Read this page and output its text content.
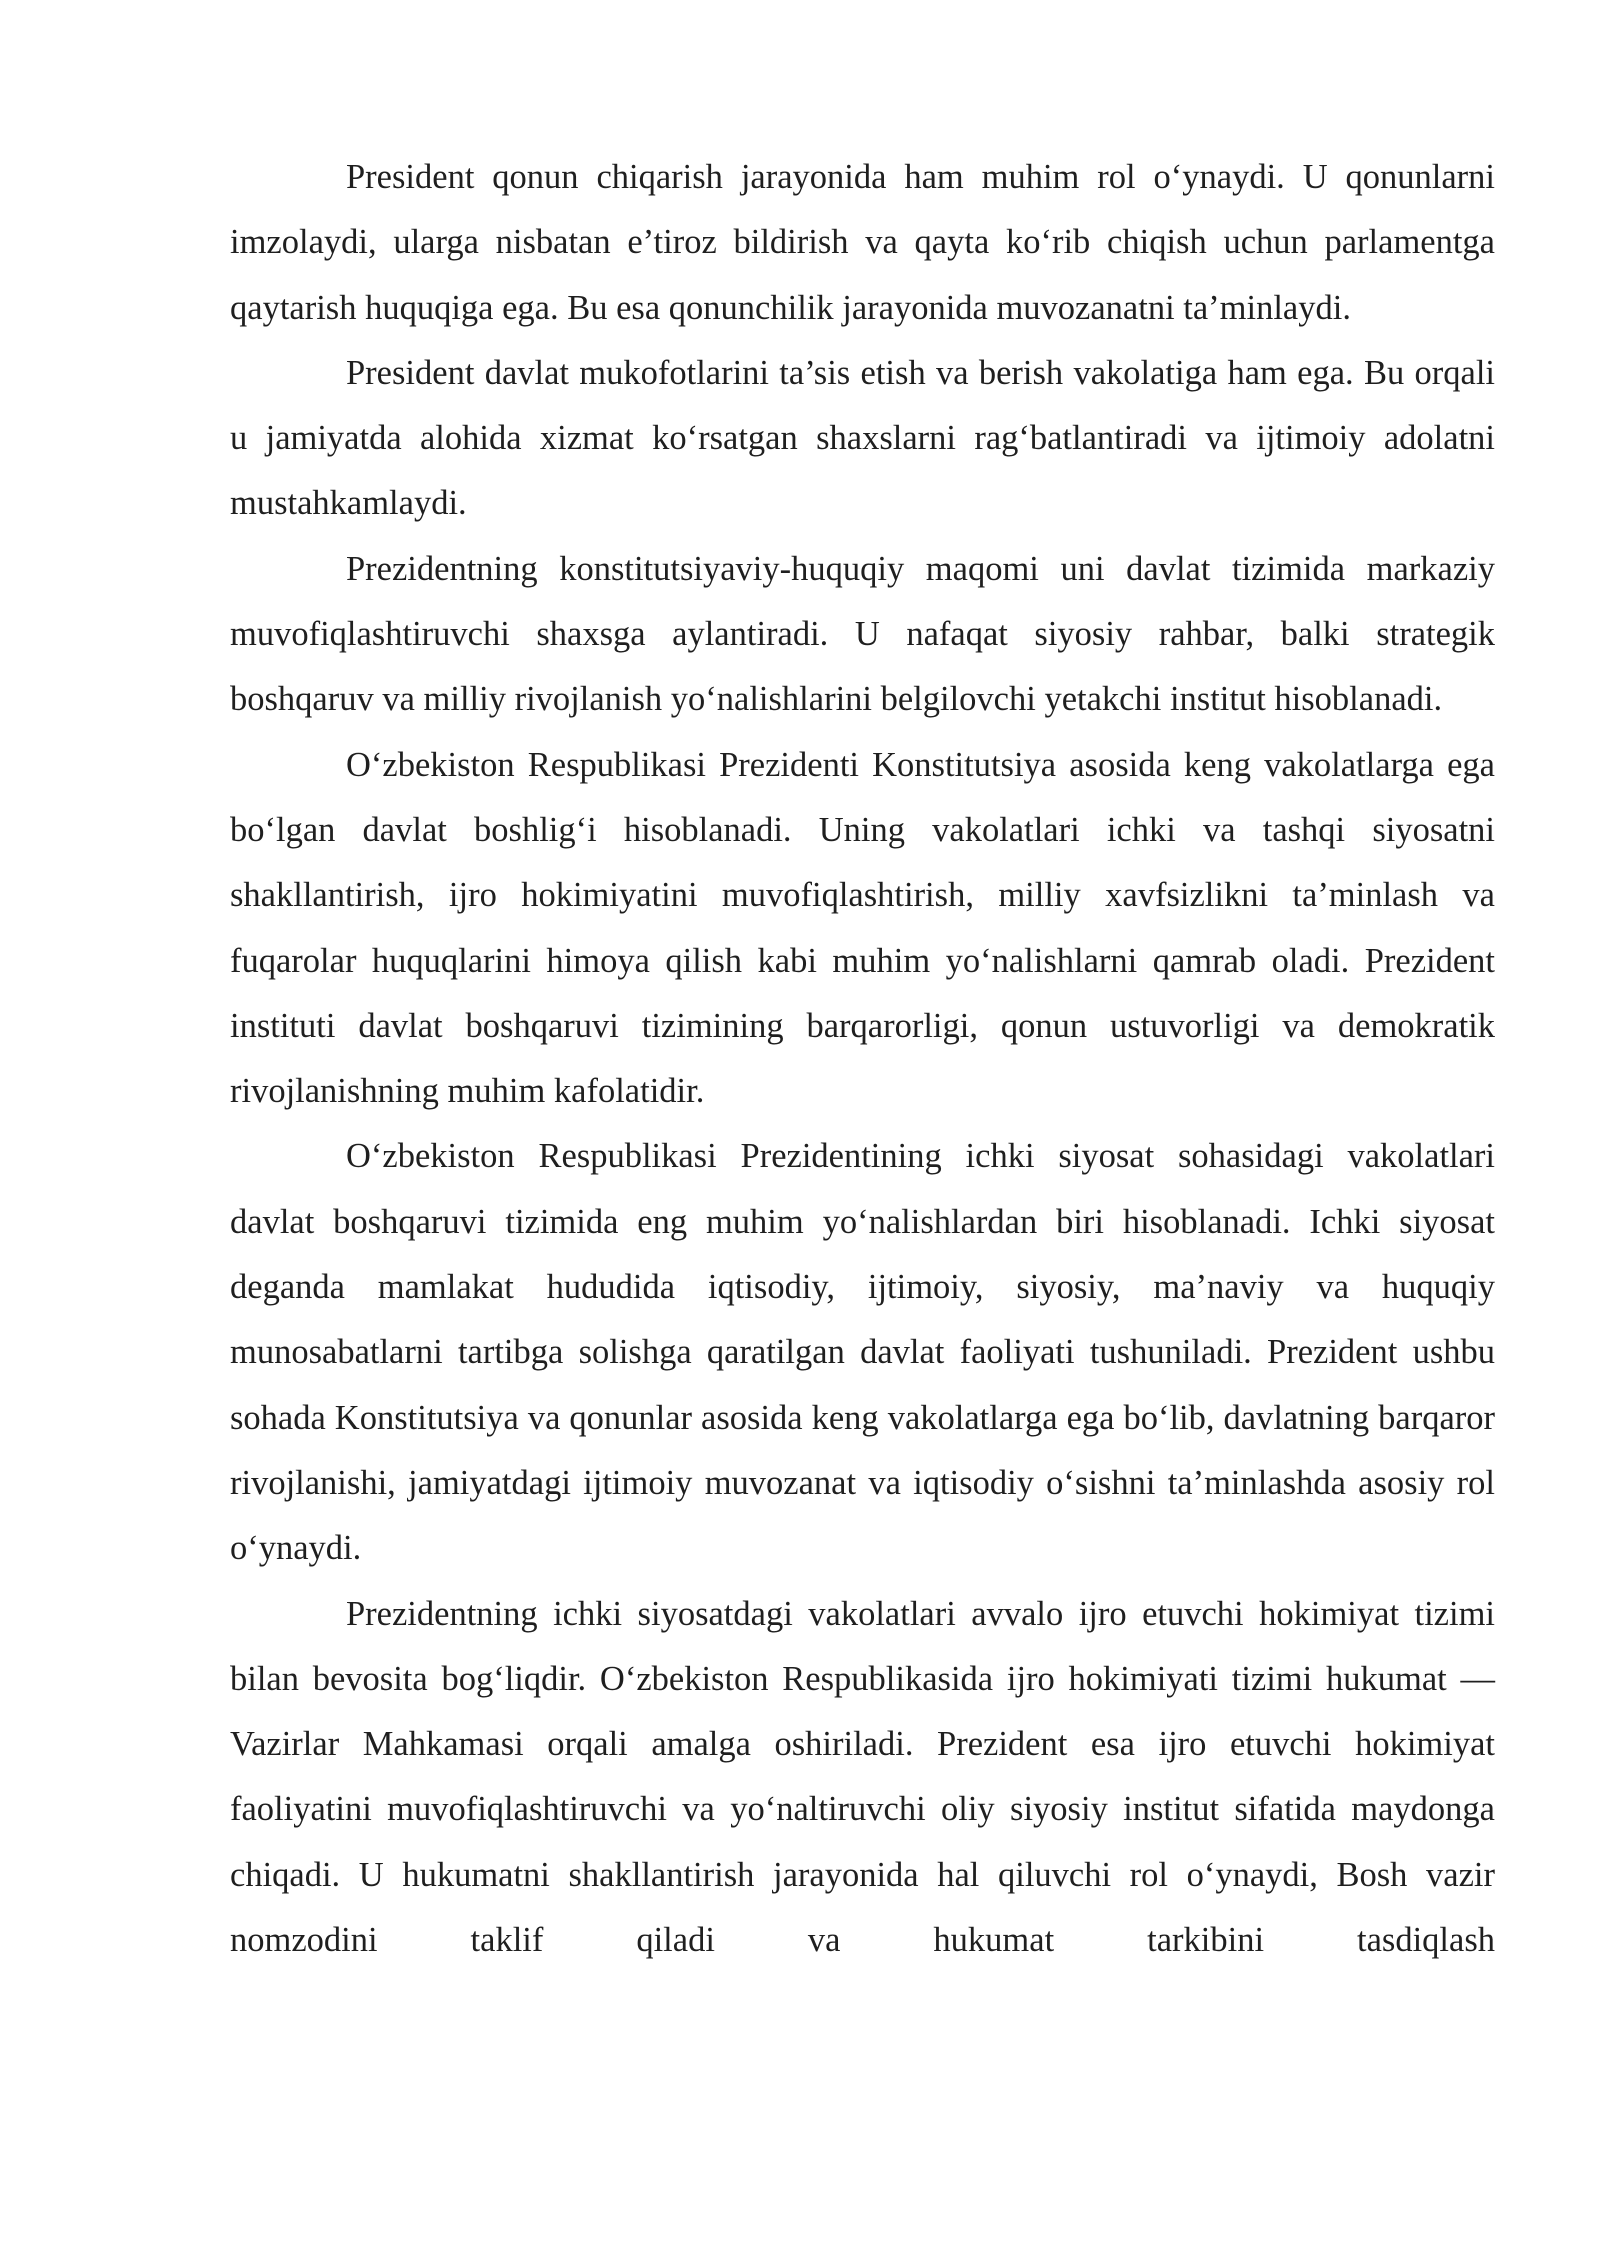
President qonun chiqarish jarayonida ham muhim rol o‘ynaydi. U qonunlarni imzolaydi, ularga nisbatan e’tiroz bildirish va qayta ko‘rib chiqish uchun parlamentga qaytarish huquqiga ega. Bu esa qonunchilik jarayonida muvozanatni ta’minlaydi.

President davlat mukofotlarini ta’sis etish va berish vakolatiga ham ega. Bu orqali u jamiyatda alohida xizmat ko‘rsatgan shaxslarni rag‘batlantiradi va ijtimoiy adolatni mustahkamlaydi.

Prezidentning konstitutsiyaviy-huquqiy maqomi uni davlat tizimida markaziy muvofiqlashtiruvchi shaxsga aylantiradi. U nafaqat siyosiy rahbar, balki strategik boshqaruv va milliy rivojlanish yo‘nalishlarini belgilovchi yetakchi institut hisoblanadi.

O‘zbekiston Respublikasi Prezidenti Konstitutsiya asosida keng vakolatlarga ega bo‘lgan davlat boshlig‘i hisoblanadi. Uning vakolatlari ichki va tashqi siyosatni shakllantirish, ijro hokimiyatini muvofiqlashtirish, milliy xavfsizlikni ta’minlash va fuqarolar huquqlarini himoya qilish kabi muhim yo‘nalishlarni qamrab oladi. Prezident instituti davlat boshqaruvi tizimining barqarorligi, qonun ustuvorligi va demokratik rivojlanishning muhim kafolatidir.

O‘zbekiston Respublikasi Prezidentining ichki siyosat sohasidagi vakolatlari davlat boshqaruvi tizimida eng muhim yo‘nalishlardan biri hisoblanadi. Ichki siyosat deganda mamlakat hududida iqtisodiy, ijtimoiy, siyosiy, ma’naviy va huquqiy munosabatlarni tartibga solishga qaratilgan davlat faoliyati tushuniladi. Prezident ushbu sohada Konstitutsiya va qonunlar asosida keng vakolatlarga ega bo‘lib, davlatning barqaror rivojlanishi, jamiyatdagi ijtimoiy muvozanat va iqtisodiy o‘sishni ta’minlashda asosiy rol o‘ynaydi.

Prezidentning ichki siyosatdagi vakolatlari avvalo ijro etuvchi hokimiyat tizimi bilan bevosita bog‘liqdir. O‘zbekiston Respublikasida ijro hokimiyati tizimi hukumat — Vazirlar Mahkamasi orqali amalga oshiriladi. Prezident esa ijro etuvchi hokimiyat faoliyatini muvofiqlashtiruvchi va yo‘naltiruvchi oliy siyosiy institut sifatida maydonga chiqadi. U hukumatni shakllantirish jarayonida hal qiluvchi rol o‘ynaydi, Bosh vazir nomzodini taklif qiladi va hukumat tarkibini tasdiqlash
